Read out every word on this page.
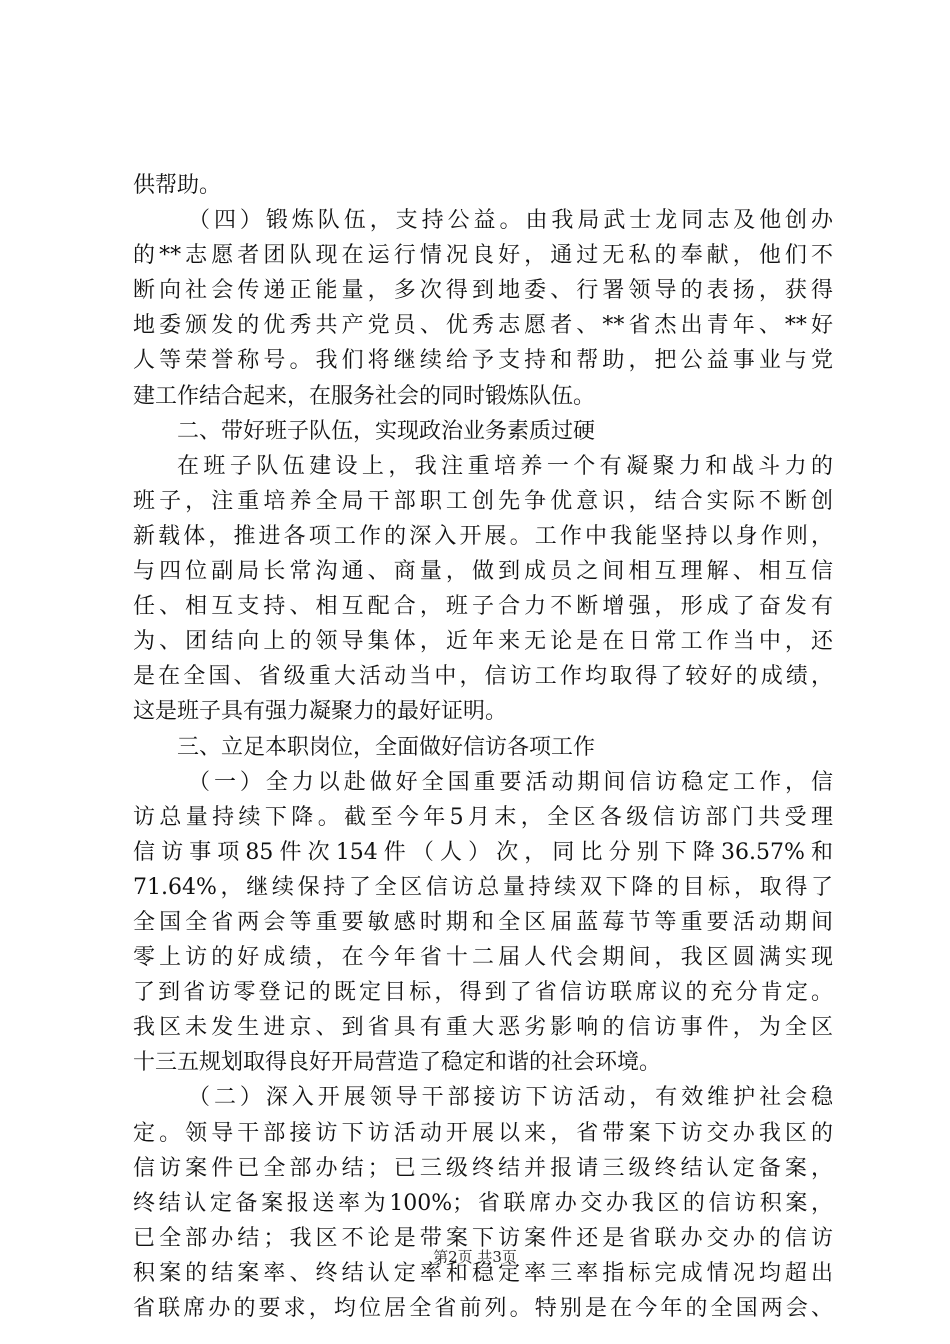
供帮助。
（四）锻炼队伍，支持公益。由我局武士龙同志及他创办
的**志愿者团队现在运行情况良好，通过无私的奉献，他们不
断向社会传递正能量，多次得到地委、行署领导的表扬，获得
地委颁发的优秀共产党员、优秀志愿者、**省杰出青年、**好
人等荣誉称号。我们将继续给予支持和帮助，把公益事业与党
建工作结合起来，在服务社会的同时锻炼队伍。
二、带好班子队伍，实现政治业务素质过硬
在班子队伍建设上，我注重培养一个有凝聚力和战斗力的
班子，注重培养全局干部职工创先争优意识，结合实际不断创
新载体，推进各项工作的深入开展。工作中我能坚持以身作则，
与四位副局长常沟通、商量，做到成员之间相互理解、相互信
任、相互支持、相互配合，班子合力不断增强，形成了奋发有
为、团结向上的领导集体，近年来无论是在日常工作当中，还
是在全国、省级重大活动当中，信访工作均取得了较好的成绩，
这是班子具有强力凝聚力的最好证明。
三、立足本职岗位，全面做好信访各项工作
（一）全力以赴做好全国重要活动期间信访稳定工作，信
访总量持续下降。截至今年5月末，全区各级信访部门共受理
信访事项85件次154件（人）次，同比分别下降36.57%和
71.64%，继续保持了全区信访总量持续双下降的目标，取得了
全国全省两会等重要敏感时期和全区届蓝莓节等重要活动期间
零上访的好成绩，在今年省十二届人代会期间，我区圆满实现
了到省访零登记的既定目标，得到了省信访联席议的充分肯定。
我区未发生进京、到省具有重大恶劣影响的信访事件，为全区
十三五规划取得良好开局营造了稳定和谐的社会环境。
（二）深入开展领导干部接访下访活动，有效维护社会稳
定。领导干部接访下访活动开展以来，省带案下访交办我区的
信访案件已全部办结；已三级终结并报请三级终结认定备案，
终结认定备案报送率为100%；省联席办交办我区的信访积案，
已全部办结；我区不论是带案下访案件还是省联办交办的信访
积案的结案率、终结认定率和稳定率三率指标完成情况均超出
省联席办的要求，均位居全省前列。特别是在今年的全国两会、
第2页 共3页
